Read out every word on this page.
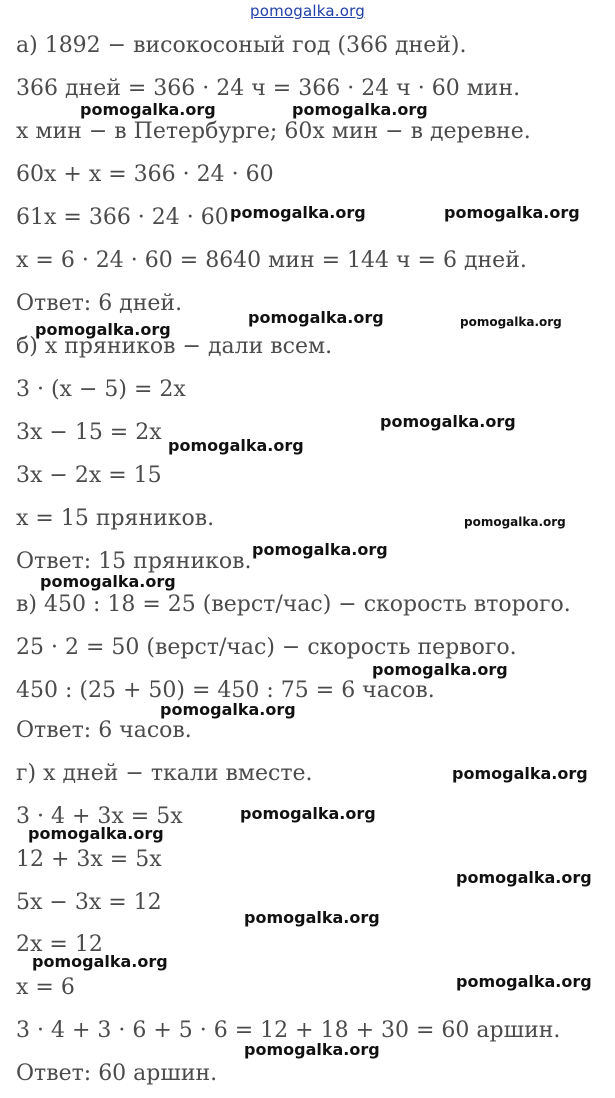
pomogalka.org
а) 1892 − високосоный год (366 дней).
366 дней = 366 · 24 ч = 366 · 24 ч · 60 мин.
x мин − в Петербурге; 60x мин − в деревне.
60x + x = 366 · 24 · 60
61x = 366 · 24 · 60
x = 6 · 24 · 60 = 8640 мин = 144 ч = 6 дней.
Ответ: 6 дней.
б) x пряников − дали всем.
3 · (x − 5) = 2x
3x − 15 = 2x
3x − 2x = 15
x = 15 пряников.
Ответ: 15 пряников.
в) 450 : 18 = 25 (верст/час) − скорость второго.
25 · 2 = 50 (верст/час) − скорость первого.
450 : (25 + 50) = 450 : 75 = 6 часов.
Ответ: 6 часов.
г) x дней − ткали вместе.
3 · 4 + 3x = 5x
12 + 3x = 5x
5x − 3x = 12
2x = 12
x = 6
3 · 4 + 3 · 6 + 5 · 6 = 12 + 18 + 30 = 60 аршин.
Ответ: 60 аршин.
pomogalka.org	pomogalka.org
pomogalka.org	pomogalka.org
pomogalka.org	pomogalka.org
pomogalka.org
pomogalka.org
pomogalka.org
pomogalka.org
pomogalka.org
pomogalka.org
pomogalka.org
pomogalka.org
pomogalka.org
pomogalka.org
pomogalka.org
pomogalka.org
pomogalka.org
pomogalka.org
pomogalka.org
pomogalka.org
